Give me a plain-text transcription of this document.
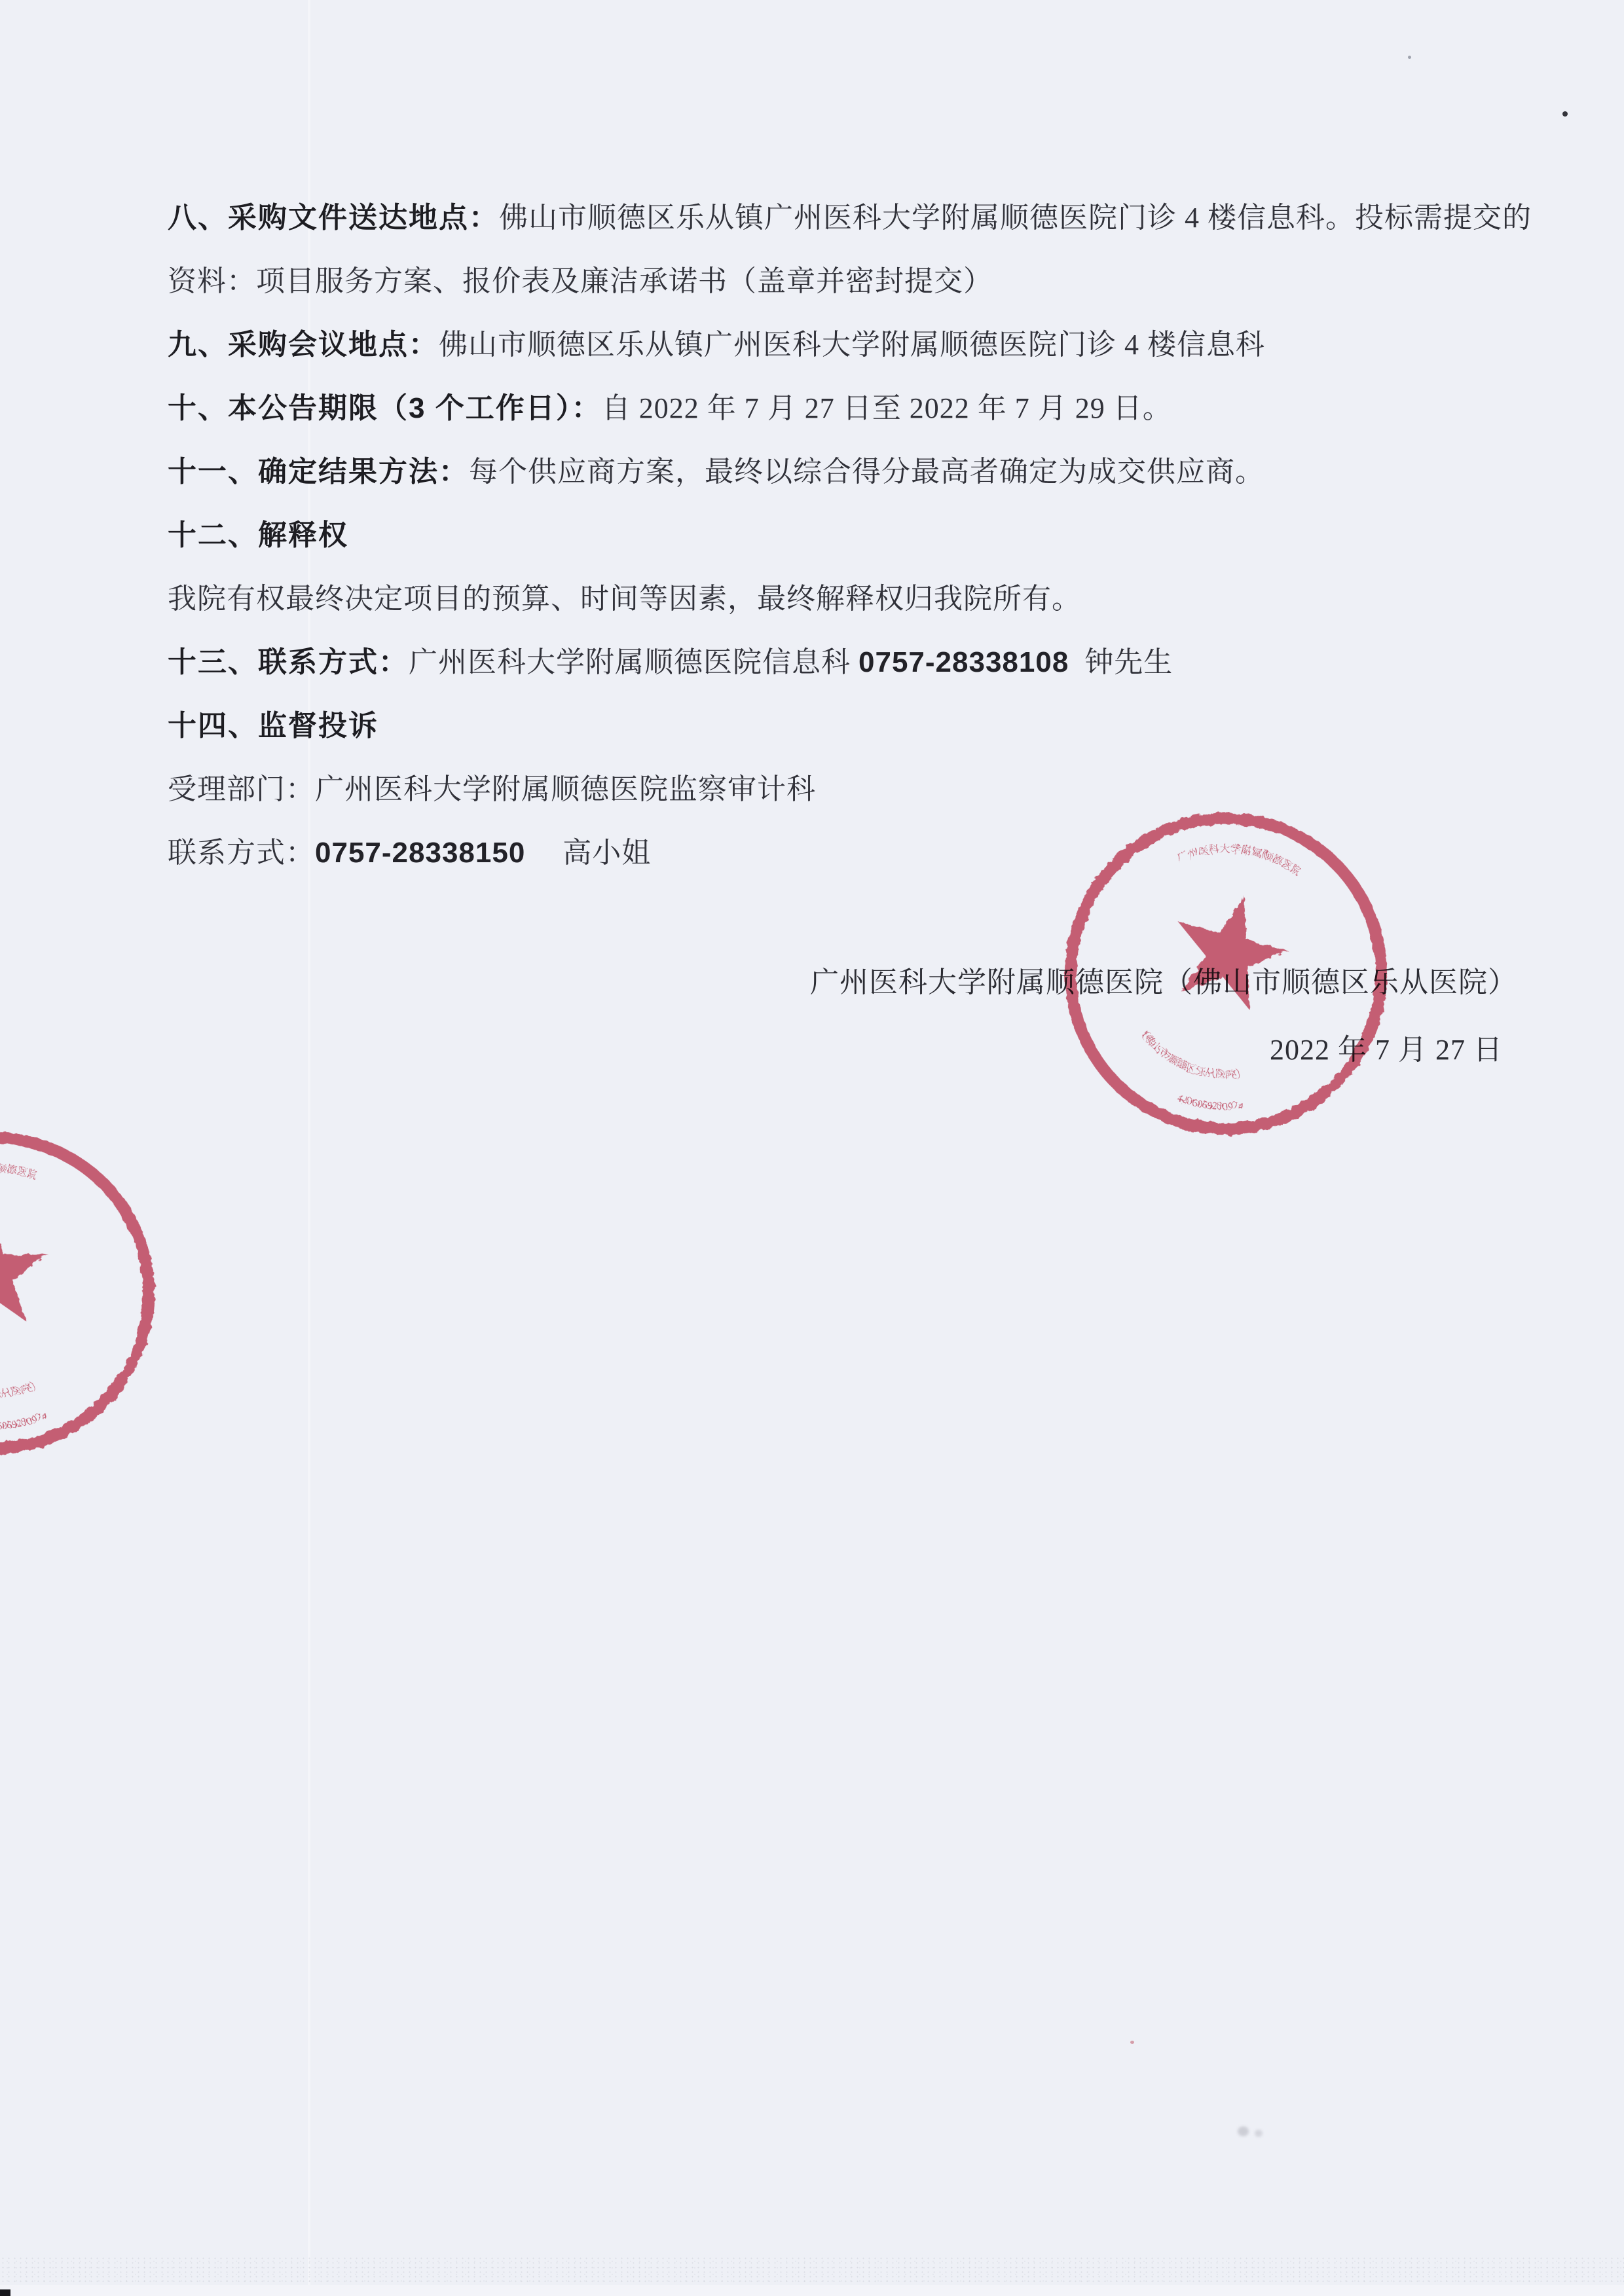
八、采购文件送达地点：佛山市顺德区乐从镇广州医科大学附属顺德医院门诊 4 楼信息科。投标需提交的
资料：项目服务方案、报价表及廉洁承诺书（盖章并密封提交）
九、采购会议地点：佛山市顺德区乐从镇广州医科大学附属顺德医院门诊 4 楼信息科
十、本公告期限（3 个工作日）：自 2022 年 7 月 27 日至 2022 年 7 月 29 日。
十一、确定结果方法：每个供应商方案，最终以综合得分最高者确定为成交供应商。
十二、解释权
我院有权最终决定项目的预算、时间等因素，最终解释权归我院所有。
十三、联系方式：广州医科大学附属顺德医院信息科 0757-28338108  钟先生
十四、监督投诉
受理部门：广州医科大学附属顺德医院监察审计科
联系方式：0757-28338150　 高小姐
广州医科大学附属顺德医院（佛山市顺德区乐从医院）
2022 年 7 月 27 日
